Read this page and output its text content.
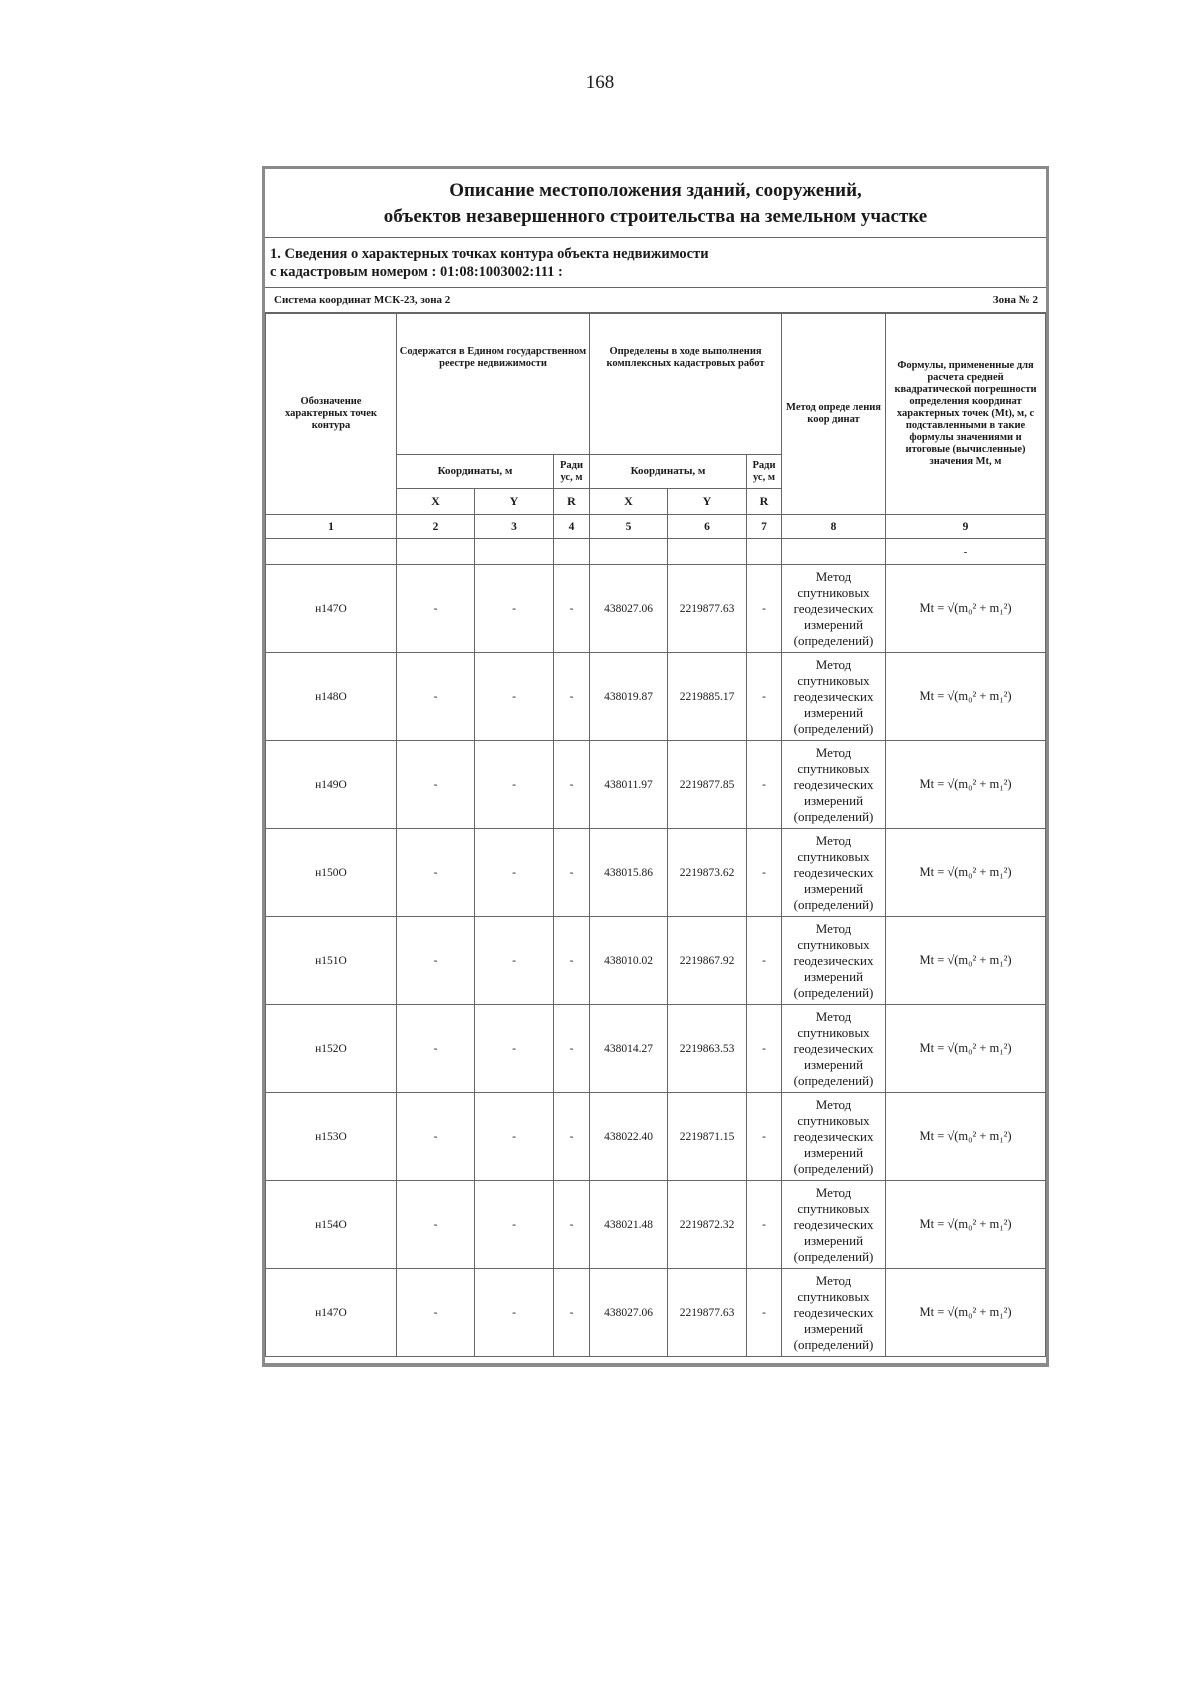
168
Описание местоположения зданий, сооружений,
объектов незавершенного строительства на земельном участке
1. Сведения о характерных точках контура объекта недвижимости
с кадастровым номером : 01:08:1003002:111 :
Система координат МСК-23, зона 2	Зона № 2
Обозначение характерных точек контура	Содержатся в Едином государственном реестре недвижимости			Определены в ходе выполнения комплексных кадастровых работ			Метод опреде ления коор динат	Формулы, примененные для расчета средней квадратической погрешности определения координат характерных точек (Mt), м, с подставленными в такие формулы значениями и итоговые (вычисленные) значения Mt, м
	Координаты, м		Ради ус, м	Координаты, м		Ради ус, м		
	X	Y	R	X	Y	R		
1	2	3	4	5	6	7	8	9
								-
н147О	-	-	-	438027.06	2219877.63	-	Метод спутниковых геодезических измерений (определений)	Mt = √(m₀² + m₁²)
н148О	-	-	-	438019.87	2219885.17	-	Метод спутниковых геодезических измерений (определений)	Mt = √(m₀² + m₁²)
н149О	-	-	-	438011.97	2219877.85	-	Метод спутниковых геодезических измерений (определений)	Mt = √(m₀² + m₁²)
н150О	-	-	-	438015.86	2219873.62	-	Метод спутниковых геодезических измерений (определений)	Mt = √(m₀² + m₁²)
н151О	-	-	-	438010.02	2219867.92	-	Метод спутниковых геодезических измерений (определений)	Mt = √(m₀² + m₁²)
н152О	-	-	-	438014.27	2219863.53	-	Метод спутниковых геодезических измерений (определений)	Mt = √(m₀² + m₁²)
н153О	-	-	-	438022.40	2219871.15	-	Метод спутниковых геодезических измерений (определений)	Mt = √(m₀² + m₁²)
н154О	-	-	-	438021.48	2219872.32	-	Метод спутниковых геодезических измерений (определений)	Mt = √(m₀² + m₁²)
н147О	-	-	-	438027.06	2219877.63	-	Метод спутниковых геодезических измерений (определений)	Mt = √(m₀² + m₁²)
